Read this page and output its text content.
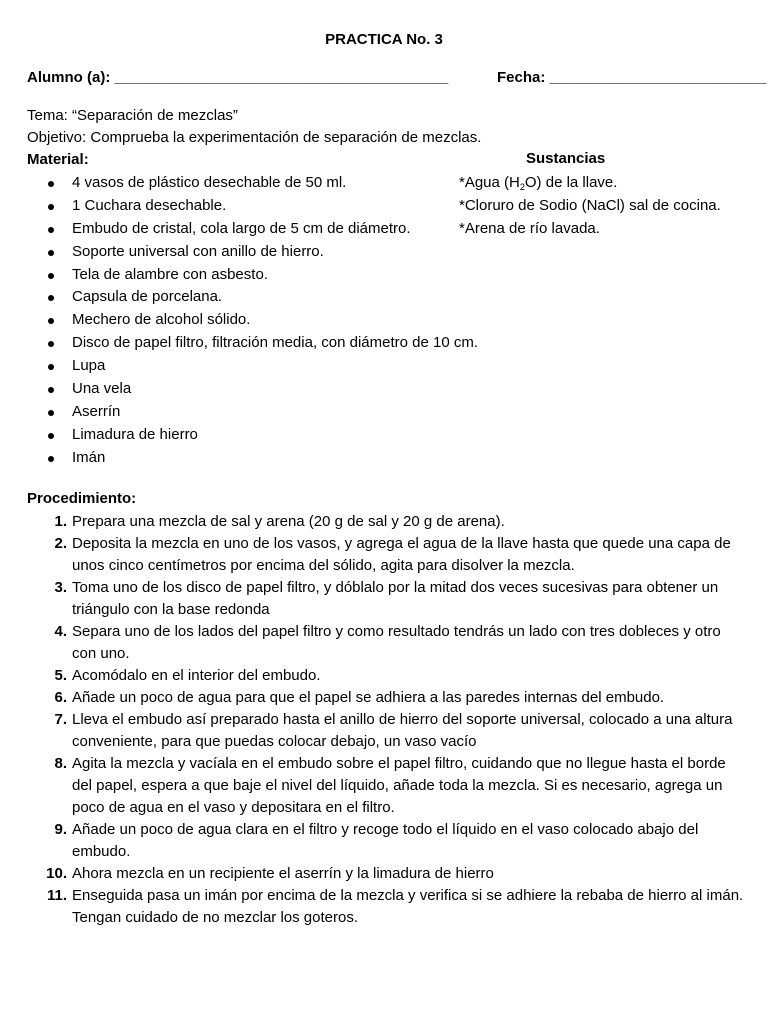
PRACTICA No. 3
Alumno (a): ________________________________________	Fecha: __________________________
Tema: “Separación de mezclas”
Objetivo: Comprueba la experimentación de separación de mezclas.
Material:	Sustancias
4 vasos de plástico desechable de 50 ml.	*Agua $(H_2O)$ de la llave.
1 Cuchara desechable.	*Cloruro de Sodio (NaCl) sal de cocina.
Embudo de cristal, cola largo de 5 cm de diámetro.	*Arena de río lavada.
Soporte universal con anillo de hierro.
Tela de alambre con asbesto.
Capsula de porcelana.
Mechero de alcohol sólido.
Disco de papel filtro, filtración media, con diámetro de 10 cm.
Lupa
Una vela
Aserrín
Limadura de hierro
Imán
Procedimiento:
1. Prepara una mezcla de sal y arena (20 g de sal y 20 g de arena).
2. Deposita la mezcla en uno de los vasos, y agrega el agua de la llave hasta que quede una capa de unos cinco centímetros por encima del sólido, agita para disolver la mezcla.
3. Toma uno de los disco de papel filtro, y dóblalo por la mitad dos veces sucesivas para obtener un triángulo con la base redonda
4. Separa uno de los lados del papel filtro y como resultado tendrás un lado con tres dobleces y otro con uno.
5. Acomódalo en el interior del embudo.
6. Añade un poco de agua para que el papel se adhiera a las paredes internas del embudo.
7. Lleva el embudo así preparado hasta el anillo de hierro del soporte universal, colocado a una altura conveniente, para que puedas colocar debajo, un vaso vacío
8. Agita la mezcla y vacíala en el embudo sobre el papel filtro, cuidando que no llegue hasta el borde del papel, espera a que baje el nivel del líquido, añade toda la mezcla. Si es necesario, agrega un poco de agua en el vaso y depositara en el filtro.
9. Añade un poco de agua clara en el filtro y recoge todo el líquido en el vaso colocado abajo del embudo.
10. Ahora mezcla en un recipiente el aserrín y la limadura de hierro
11. Enseguida pasa un imán por encima de la mezcla y verifica si se adhiere la rebaba de hierro al imán.
Tengan cuidado de no mezclar los goteros.
